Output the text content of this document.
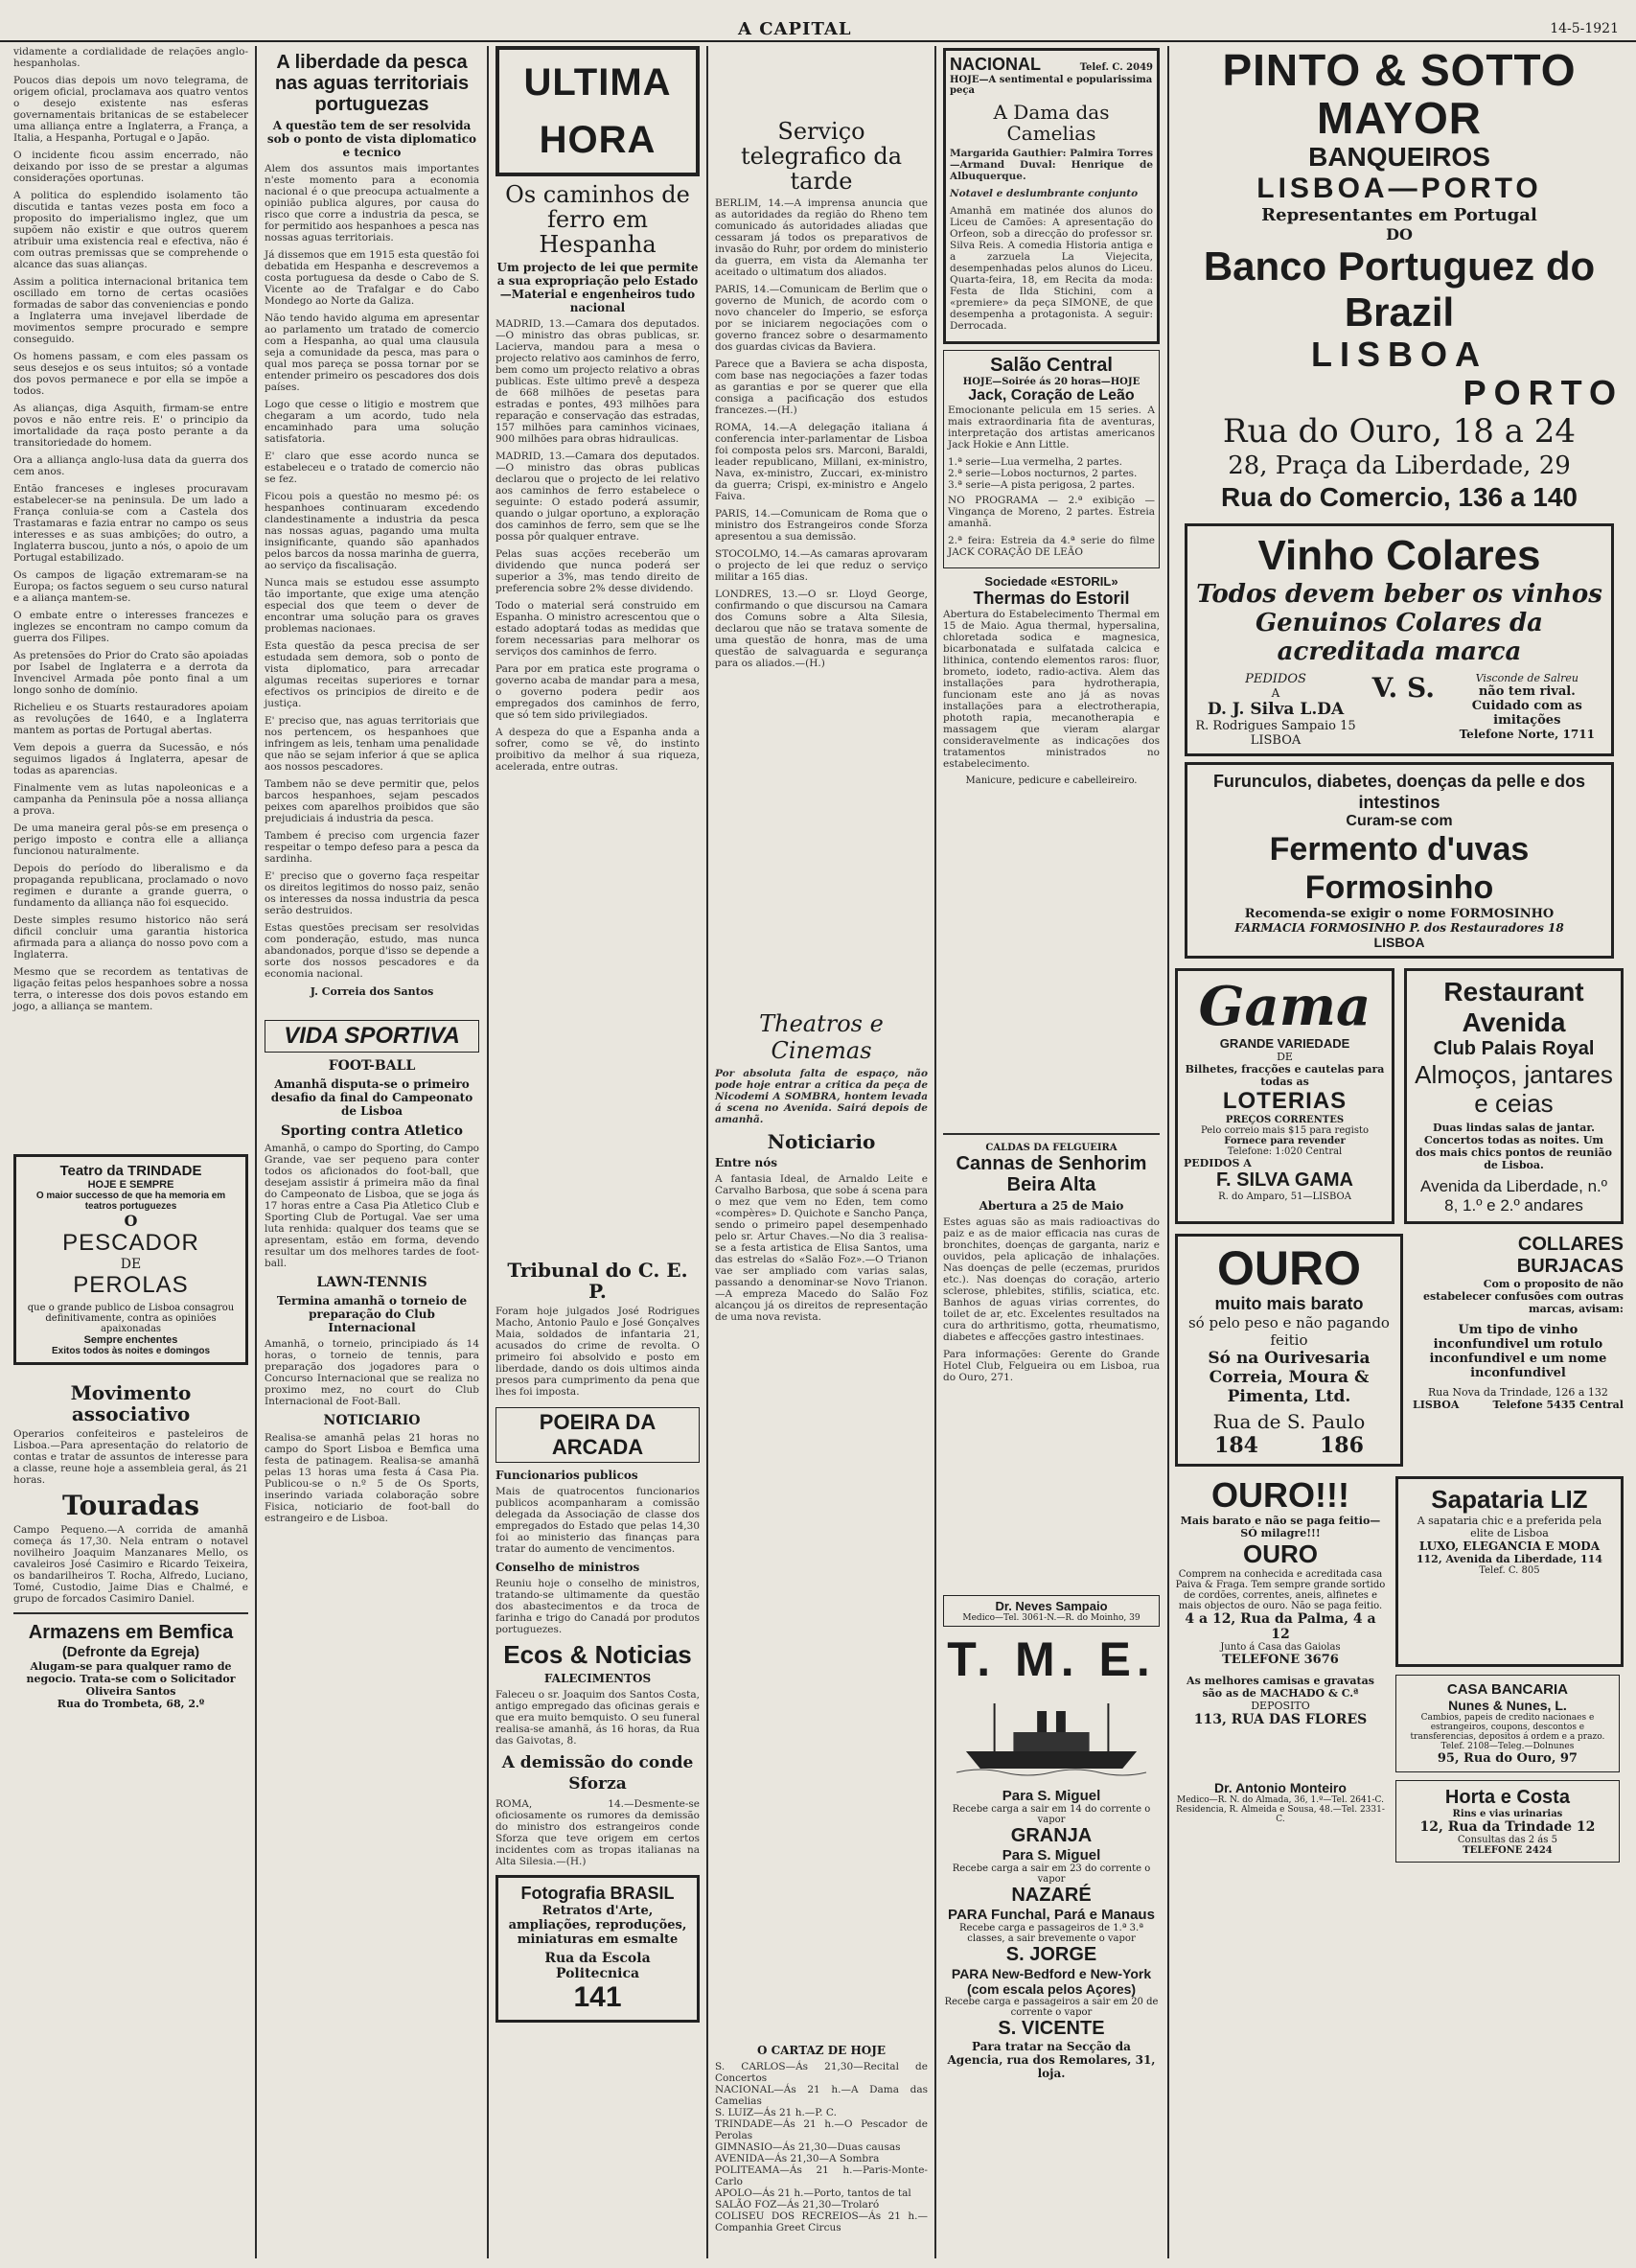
A CAPITAL	14-5-1921

vidamente a cordialidade de relações anglo-hespanholas.

Poucos dias depois um novo telegrama, de origem oficial, proclamava aos quatro ventos o desejo existente nas esferas governamentais britanicas de se estabelecer uma alliança entre a Inglaterra, a França, a Italia, a Hespanha, Portugal e o Japão.

O incidente ficou assim encerrado, não deixando por isso de se prestar a algumas considerações oportunas.

A politica do esplendido isolamento tão discutida e tantas vezes posta em foco a proposito do imperialismo inglez, que um supõem não existir e que outros querem atribuir uma existencia real e efectiva, não é com outras premissas que se comprehende o alcance das suas alianças.

Assim a politica internacional britanica tem oscillado em torno de certas ocasiões formadas de sabor das conveniencias e pondo a Inglaterra uma invejavel liberdade de movimentos sempre procurado e sempre conseguido.

Os homens passam, e com eles passam os seus desejos e os seus intuitos; só a vontade dos povos permanece e por ella se impõe a todos.

As alianças, diga Asquith, firmam-se entre povos e não entre reis. E' o principio da imortalidade da raça posto perante a da transitoriedade do homem.

Ora a alliança anglo-lusa data da guerra dos cem anos.

Então franceses e ingleses procuravam estabelecer-se na peninsula. De um lado a França conluia-se com a Castela dos Trastamaras e fazia entrar no campo os seus interesses e as suas ambições; do outro, a Inglaterra buscou, junto a nós, o apoio de um Portugal estabilizado.

Os campos de ligação extremaram-se na Europa; os factos seguem o seu curso natural e a aliança mantem-se.

O embate entre o interesses francezes e inglezes se encontram no campo comum da guerra dos Filipes.

As pretensões do Prior do Crato são apoiadas por Isabel de Inglaterra e a derrota da Invencivel Armada pôe ponto final a um longo sonho de domínio.

Richelieu e os Stuarts restauradores apoiam as revoluções de 1640, e a Inglaterra mantem as portas de Portugal abertas.

Vem depois a guerra da Sucessão, e nós seguimos ligados á Inglaterra, apesar de todas as aparencias.

Finalmente vem as lutas napoleonicas e a campanha da Peninsula põe a nossa alliança a prova.

De uma maneira geral pôs-se em presença o perigo imposto e contra elle a alliança funcionou naturalmente.

Depois do período do liberalismo e da propaganda republicana, proclamado o novo regimen e durante a grande guerra, o fundamento da alliança não foi esquecido.

Deste simples resumo historico não será dificil concluir uma garantia historica afirmada para a aliança do nosso povo com a Inglaterra.

Mesmo que se recordem as tentativas de ligação feitas pelos hespanhoes sobre a nossa terra, o interesse dos dois povos estando em jogo, a alliança se mantem.

Teatro da TRINDADE
HOJE E SEMPRE
O maior successo de que ha memoria em teatros portuguezes
O
PESCADOR
DE
PEROLAS
que o grande publico de Lisboa consagrou definitivamente, contra as opiniões apaixonadas
Sempre enchentes
Exitos todos às noites e domingos
Movimento associativo

Operarios confeiteiros e pasteleiros de Lisboa.—Para apresentação do relatorio de contas e tratar de assuntos de interesse para a classe, reune hoje a assembleia geral, ás 21 horas.

Touradas

Campo Pequeno.—A corrida de amanhã começa ás 17,30. Nela entram o notavel novilheiro Joaquim Manzanares Mello, os cavaleiros José Casimiro e Ricardo Teixeira, os bandarilheiros T. Rocha, Alfredo, Luciano, Tomé, Custodio, Jaime Dias e Chalmé, e grupo de forcados Casimiro Daniel.

Armazens em Bemfica
(Defronte da Egreja)
Alugam-se para qualquer ramo de negocio. Trata-se com o Solicitador Oliveira Santos
Rua do Trombeta, 68, 2.º
A liberdade da pesca nas aguas territoriais portuguezas
A questão tem de ser resolvida sob o ponto de vista diplomatico e tecnico

Alem dos assuntos mais importantes n'este momento para a economia nacional é o que preocupa actualmente a opinião publica algures, por causa do risco que corre a industria da pesca, se for permitido aos hespanhoes a pesca nas nossas aguas territoriais.

Já dissemos que em 1915 esta questão foi debatida em Hespanha e descrevemos a costa portuguesa da desde o Cabo de S. Vicente ao de Trafalgar e do Cabo Mondego ao Norte da Galiza.

Não tendo havido alguma em apresentar ao parlamento um tratado de comercio com a Hespanha, ao qual uma clausula seja a comunidade da pesca, mas para o qual mos pareça se possa tornar por se entender primeiro os pescadores dos dois países.

Logo que cesse o litigio e mostrem que chegaram a um acordo, tudo nela encaminhado para uma solução satisfatoria.

E' claro que esse acordo nunca se estabeleceu e o tratado de comercio não se fez.

Ficou pois a questão no mesmo pé: os hespanhoes continuaram excedendo clandestinamente a industria da pesca nas nossas aguas, pagando uma multa insignificante, quando são apanhados pelos barcos da nossa marinha de guerra, ao serviço da fiscalisação.

Nunca mais se estudou esse assumpto tão importante, que exige uma atenção especial dos que teem o dever de encontrar uma solução para os graves problemas nacionaes.

Esta questão da pesca precisa de ser estudada sem demora, sob o ponto de vista diplomatico, para arrecadar algumas receitas superiores e tornar efectivos os principios de direito e de justiça.

E' preciso que, nas aguas territoriais que nos pertencem, os hespanhoes que infringem as leis, tenham uma penalidade que não se sejam inferior á que se aplica aos nossos pescadores.

Tambem não se deve permitir que, pelos barcos hespanhoes, sejam pescados peixes com aparelhos proibidos que são prejudiciais á industria da pesca.

Tambem é preciso com urgencia fazer respeitar o tempo defeso para a pesca da sardinha.

E' preciso que o governo faça respeitar os direitos legitimos do nosso paiz, senão os interesses da nossa industria da pesca serão destruidos.

Estas questões precisam ser resolvidas com ponderação, estudo, mas nunca abandonados, porque d'isso se depende a sorte dos nossos pescadores e da economia nacional.

J. Correia dos Santos
VIDA SPORTIVA
FOOT-BALL
Amanhã disputa-se o primeiro desafio da final do Campeonato de Lisboa
Sporting contra Atletico

Amanhã, o campo do Sporting, do Campo Grande, vae ser pequeno para conter todos os aficionados do foot-ball, que desejam assistir á primeira mão da final do Campeonato de Lisboa, que se joga ás 17 horas entre a Casa Pia Atletico Club e Sporting Club de Portugal. Vae ser uma luta renhida: qualquer dos teams que se apresentam, estão em forma, devendo resultar um dos melhores tardes de foot-ball.

LAWN-TENNIS
Termina amanhã o torneio de preparação do Club Internacional

Amanhã, o torneio, principiado ás 14 horas, o torneio de tennis, para preparação dos jogadores para o Concurso Internacional que se realiza no proximo mez, no court do Club Internacional de Foot-Ball.

NOTICIARIO

Realisa-se amanhã pelas 21 horas no campo do Sport Lisboa e Bemfica uma festa de patinagem. Realisa-se amanhã pelas 13 horas uma festa á Casa Pia. Publicou-se o n.º 5 de Os Sports, inserindo variada colaboração sobre Fisica, noticiario de foot-ball do estrangeiro e de Lisboa.

ULTIMA HORA
Os caminhos de ferro em Hespanha
Um projecto de lei que permite a sua expropriação pelo Estado—Material e engenheiros tudo nacional

MADRID, 13.—Camara dos deputados.—O ministro das obras publicas, sr. Lacierva, mandou para a mesa o projecto relativo aos caminhos de ferro, bem como um projecto relativo a obras publicas. Este ultimo prevê a despeza de 668 milhões de pesetas para estradas e pontes, 493 milhões para reparação e conservação das estradas, 157 milhões para caminhos vicinaes, 900 milhões para obras hidraulicas.

MADRID, 13.—Camara dos deputados.—O ministro das obras publicas declarou que o projecto de lei relativo aos caminhos de ferro estabelece o seguinte: O estado poderá assumir, quando o julgar oportuno, a exploração dos caminhos de ferro, sem que se lhe possa pôr qualquer entrave.

Pelas suas acções receberão um dividendo que nunca poderá ser superior a 3%, mas tendo direito de preferencia sobre 2% desse dividendo.

Todo o material será construido em Espanha. O ministro acrescentou que o estado adoptará todas as medidas que forem necessarias para melhorar os serviços dos caminhos de ferro.

Para por em pratica este programa o governo acaba de mandar para a mesa, o governo podera pedir aos empregados dos caminhos de ferro, que só tem sido privilegiados.

A despeza do que a Espanha anda a sofrer, como se vê, do instinto proibitivo da melhor á sua riqueza, acelerada, entre outras.

Tribunal do C. E. P.

Foram hoje julgados José Rodrigues Macho, Antonio Paulo e José Gonçalves Maia, soldados de infantaria 21, acusados do crime de revolta. O primeiro foi absolvido e posto em liberdade, dando os dois ultimos ainda presos para cumprimento da pena que lhes foi imposta.

POEIRA DA ARCADA
Funcionarios publicos

Mais de quatrocentos funcionarios publicos acompanharam a comissão delegada da Associação de classe dos empregados do Estado que pelas 14,30 foi ao ministerio das finanças para tratar do aumento de vencimentos.

Conselho de ministros

Reuniu hoje o conselho de ministros, tratando-se ultimamente da questão dos abastecimentos e da troca de farinha e trigo do Canadá por produtos portuguezes.

Ecos & Noticias
FALECIMENTOS

Faleceu o sr. Joaquim dos Santos Costa, antigo empregado das oficinas gerais e que era muito bemquisto. O seu funeral realisa-se amanhã, ás 16 horas, da Rua das Gaivotas, 8.

A demissão do conde Sforza

ROMA, 14.—Desmente-se oficiosamente os rumores da demissão do ministro dos estrangeiros conde Sforza que teve origem em certos incidentes com as tropas italianas na Alta Silesia.—(H.)

Fotografia BRASIL
Retratos d'Arte, ampliações, reproduções, miniaturas em esmalte
Rua da Escola Politecnica
141
Serviço telegrafico da tarde

BERLIM, 14.—A imprensa anuncia que as autoridades da região do Rheno tem comunicado ás autoridades aliadas que cessaram já todos os preparativos de invasão do Ruhr, por ordem do ministerio da guerra, em vista da Alemanha ter aceitado o ultimatum dos aliados.

PARIS, 14.—Comunicam de Berlim que o governo de Munich, de acordo com o novo chanceler do Imperio, se esforça por se iniciarem negociações com o governo francez sobre o desarmamento dos guardas civicas da Baviera.

Parece que a Baviera se acha disposta, com base nas negociações a fazer todas as garantias e por se querer que ella consiga a pacificação dos estudos francezes.—(H.)

ROMA, 14.—A delegação italiana á conferencia inter-parlamentar de Lisboa foi composta pelos srs. Marconi, Baraldi, leader republicano, Millani, ex-ministro, Nava, ex-ministro, Zuccari, ex-ministro da guerra; Crispi, ex-ministro e Angelo Faiva.

PARIS, 14.—Comunicam de Roma que o ministro dos Estrangeiros conde Sforza apresentou a sua demissão.

STOCOLMO, 14.—As camaras aprovaram o projecto de lei que reduz o serviço militar a 165 dias.

LONDRES, 13.—O sr. Lloyd George, confirmando o que discursou na Camara dos Comuns sobre a Alta Silesia, declarou que não se tratava somente de uma questão de honra, mas de uma questão de salvaguarda e segurança para os aliados.—(H.)

Theatros e Cinemas

Por absoluta falta de espaço, não pode hoje entrar a critica da peça de Nicodemi A SOMBRA, hontem levada á scena no Avenida. Sairá depois de amanhã.

Noticiario
Entre nós

A fantasia Ideal, de Arnaldo Leite e Carvalho Barbosa, que sobe á scena para o mez que vem no Eden, tem como «compères» D. Quichote e Sancho Pança, sendo o primeiro papel desempenhado pelo sr. Artur Chaves.—No dia 3 realisa-se a festa artistica de Elisa Santos, uma das estrelas do «Salão Foz».—O Trianon vae ser ampliado com varias salas, passando a denominar-se Novo Trianon.—A empreza Macedo do Salão Foz alcançou já os direitos de representação de uma nova revista.

O CARTAZ DE HOJE
S. CARLOS—Ás 21,30—Recital de Concertos
NACIONAL—Ás 21 h.—A Dama das Camelias
S. LUIZ—Ás 21 h.—P. C.
TRINDADE—Ás 21 h.—O Pescador de Perolas
GIMNASIO—Ás 21,30—Duas causas
AVENIDA—Ás 21,30—A Sombra
POLITEAMA—Ás 21 h.—Paris-Monte-Carlo
APOLO—Ás 21 h.—Porto, tantos de tal
SALÃO FOZ—Ás 21,30—Trolaró
COLISEU DOS RECREIOS—Ás 21 h.—Companhia Greet Circus
NACIONAL	Telef. C. 2049
HOJE—A sentimental e popularissima peça
A Dama das Camelias
Margarida Gauthier: Palmira Torres—Armand Duval: Henrique de Albuquerque.
Notavel e deslumbrante conjunto
Amanhã em matinée dos alunos do Liceu de Camões: A apresentação do Orfeon, sob a direcção do professor sr. Silva Reis. A comedia Historia antiga e a zarzuela La Viejecita, desempenhadas pelos alunos do Liceu. Quarta-feira, 18, em Recita da moda: Festa de Ilda Stichini, com a «premiere» da peça SIMONE, de que desempenha a protagonista. A seguir: Derrocada.
Salão Central
HOJE—Soirée ás 20 horas—HOJE
Jack, Coração de Leão
Emocionante pelicula em 15 series. A mais extraordinaria fita de aventuras, interpretação dos artistas americanos Jack Hokie e Ann Little.
1.ª serie—Lua vermelha, 2 partes.
2.ª serie—Lobos nocturnos, 2 partes.
3.ª serie—A pista perigosa, 2 partes.
NO PROGRAMA — 2.ª exibição — Vingança de Moreno, 2 partes. Estreia amanhã.
2.ª feira: Estreia da 4.ª serie do filme JACK CORAÇÃO DE LEÃO
Sociedade «ESTORIL»
Thermas do Estoril

Abertura do Estabelecimento Thermal em 15 de Maio. Agua thermal, hypersalina, chloretada sodica e magnesica, bicarbonatada e sulfatada calcica e lithinica, contendo elementos raros: fluor, brometo, iodeto, radio-activa. Alem das installações para hydrotherapia, funcionam este ano já as novas installações para a electrotherapia, phototh rapia, mecanotherapia e massagem que vieram alargar consideravelmente as indicações dos tratamentos ministrados no estabelecimento.

Manicure, pedicure e cabelleireiro.
CALDAS DA FELGUEIRA
Cannas de Senhorim Beira Alta
Abertura a 25 de Maio

Estes aguas são as mais radioactivas do paiz e as de maior efficacia nas curas de bronchites, doenças de garganta, nariz e ouvidos, pela aplicação de inhalações. Nas doenças de pelle (eczemas, pruridos etc.). Nas doenças do coração, arterio sclerose, phlebites, stifilis, sciatica, etc. Banhos de aguas virias correntes, do toilet de ar, etc. Excelentes resultados na cura do arthritismo, gotta, rheumatismo, diabetes e affecções gastro intestinaes.

Para informações: Gerente do Grande Hotel Club, Felgueira ou em Lisboa, rua do Ouro, 271.

Dr. Neves Sampaio
Medico—Tel. 3061-N.—R. do Moinho, 39
T. M. E.
Para S. Miguel
Recebe carga a sair em 14 do corrente o vapor
GRANJA
Para S. Miguel
Recebe carga a sair em 23 do corrente o vapor
NAZARÉ
PARA Funchal, Pará e Manaus
Recebe carga e passageiros de 1.ª 3.ª classes, a sair brevemente o vapor
S. JORGE
PARA New-Bedford e New-York (com escala pelos Açores)
Recebe carga e passageiros a sair em 20 de corrente o vapor
S. VICENTE
Para tratar na Secção da Agencia, rua dos Remolares, 31, loja.
PINTO & SOTTO MAYOR
BANQUEIROS
LISBOA—PORTO
Representantes em Portugal
DO
Banco Portuguez do Brazil
LISBOA
PORTO
Rua do Ouro, 18 a 24
28, Praça da Liberdade, 29
Rua do Comercio, 136 a 140
Vinho Colares
Todos devem beber os vinhos Genuinos Colares da acreditada marca
PEDIDOS
A
D. J. Silva L.DA
R. Rodrigues Sampaio 15
LISBOA
V. S.	Visconde de Salreu
não tem rival. Cuidado com as imitações
Telefone Norte, 1711
Furunculos, diabetes, doenças da pelle e dos intestinos
Curam-se com
Fermento d'uvas Formosinho
Recomenda-se exigir o nome FORMOSINHO
FARMACIA FORMOSINHO P. dos Restauradores 18
LISBOA
Gama
GRANDE VARIEDADE
DE
Bilhetes, fracções e cautelas para todas as
LOTERIAS
PREÇOS CORRENTES
Pelo correio mais $15 para registo
Fornece para revender
Telefone: 1:020 Central
PEDIDOS A
F. SILVA GAMA
R. do Amparo, 51—LISBOA
Restaurant Avenida
Club Palais Royal
Almoços, jantares e ceias
Duas lindas salas de jantar. Concertos todas as noites. Um dos mais chics pontos de reunião de Lisboa.
Avenida da Liberdade, n.º 8, 1.º e 2.º andares
OURO
muito mais barato
só pelo peso e não pagando feitio
Só na Ourivesaria Correia, Moura & Pimenta, Ltd.
Rua de S. Paulo
184	186
COLLARES BURJACAS
Com o proposito de não estabelecer confusões com outras marcas, avisam:
Um tipo de vinho inconfundivel um rotulo inconfundivel e um nome inconfundivel
Rua Nova da Trindade, 126 a 132
LISBOA	Telefone 5435 Central
OURO!!!
Mais barato e não se paga feitio—SÓ milagre!!!
OURO
Comprem na conhecida e acreditada casa Paiva & Fraga. Tem sempre grande sortido de cordões, correntes, aneis, alfinetes e mais objectos de ouro. Não se paga feitio.
4 a 12, Rua da Palma, 4 a 12
Junto á Casa das Gaiolas
TELEFONE 3676
Sapataria LIZ
A sapataria chic e a preferida pela elite de Lisboa
LUXO, ELEGANCIA E MODA
112, Avenida da Liberdade, 114
Telef. C. 805
As melhores camisas e gravatas são as de MACHADO & C.ª
DEPOSITO
113, RUA DAS FLORES
CASA BANCARIA
Nunes & Nunes, L.
Cambios, papeis de credito nacionaes e estrangeiros, coupons, descontos e transferencias, depositos á ordem e a prazo.
Telef. 2108—Teleg.—Dolnunes
95, Rua do Ouro, 97
Dr. Antonio Monteiro
Medico—R. N. do Almada, 36, 1.º—Tel. 2641-C. Residencia, R. Almeida e Sousa, 48.—Tel. 2331-C.
Horta e Costa
Rins e vias urinarias
12, Rua da Trindade 12
Consultas das 2 ás 5
TELEFONE 2424
